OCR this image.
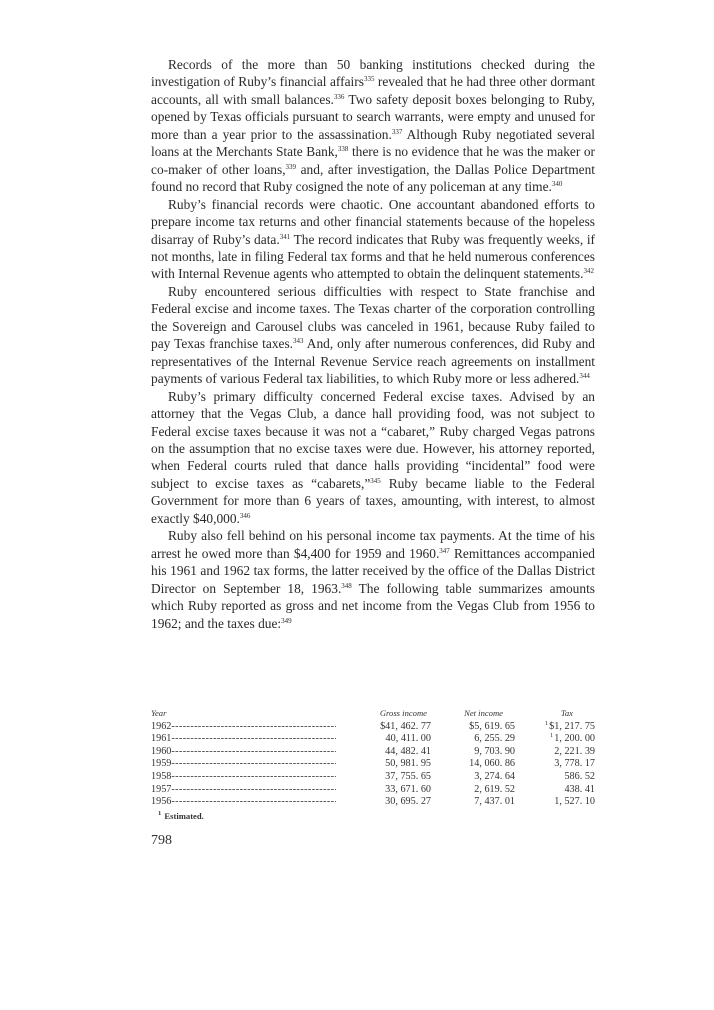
Records of the more than 50 banking institutions checked during the investigation of Ruby’s financial affairs$^{335}$ revealed that he had three other dormant accounts, all with small balances.$^{336}$ Two safety deposit boxes belonging to Ruby, opened by Texas officials pursuant to search warrants, were empty and unused for more than a year prior to the assassination.$^{337}$ Although Ruby negotiated several loans at the Merchants State Bank,$^{338}$ there is no evidence that he was the maker or co-maker of other loans,$^{339}$ and, after investigation, the Dallas Police Department found no record that Ruby cosigned the note of any policeman at any time.$^{340}$

Ruby’s financial records were chaotic. One accountant abandoned efforts to prepare income tax returns and other financial statements because of the hopeless disarray of Ruby’s data.$^{341}$ The record indicates that Ruby was frequently weeks, if not months, late in filing Federal tax forms and that he held numerous conferences with Internal Revenue agents who attempted to obtain the delinquent statements.$^{342}$

Ruby encountered serious difficulties with respect to State franchise and Federal excise and income taxes. The Texas charter of the corporation controlling the Sovereign and Carousel clubs was canceled in 1961, because Ruby failed to pay Texas franchise taxes.$^{343}$ And, only after numerous conferences, did Ruby and representatives of the Internal Revenue Service reach agreements on installment payments of various Federal tax liabilities, to which Ruby more or less adhered.$^{344}$

Ruby’s primary difficulty concerned Federal excise taxes. Advised by an attorney that the Vegas Club, a dance hall providing food, was not subject to Federal excise taxes because it was not a “cabaret,” Ruby charged Vegas patrons on the assumption that no excise taxes were due. However, his attorney reported, when Federal courts ruled that dance halls providing “incidental” food were subject to excise taxes as “cabarets,”$^{345}$ Ruby became liable to the Federal Government for more than 6 years of taxes, amounting, with interest, to almost exactly $40,000.$^{346}$

Ruby also fell behind on his personal income tax payments. At the time of his arrest he owed more than $4,400 for 1959 and 1960.$^{347}$ Remittances accompanied his 1961 and 1962 tax forms, the latter received by the office of the Dallas District Director on September 18, 1963.$^{348}$ The following table summarizes amounts which Ruby reported as gross and net income from the Vegas Club from 1956 to 1962; and the taxes due:$^{349}$

Year	Gross income	Net income	Tax
1962 -----	$41, 462. 77	$5, 619. 65	$^1$\$1, 217. 75
1961 -----	40, 411. 00	6, 255. 29	$^1$1, 200. 00
1960 -----	44, 482. 41	9, 703. 90	2, 221. 39
1959 -----	50, 981. 95	14, 060. 86	3, 778. 17
1958 -----	37, 755. 65	3, 274. 64	586. 52
1957 -----	33, 671. 60	2, 619. 52	438. 41
1956 -----	30, 695. 27	7, 437. 01	1, 527. 10
$^1$ Estimated.
798
